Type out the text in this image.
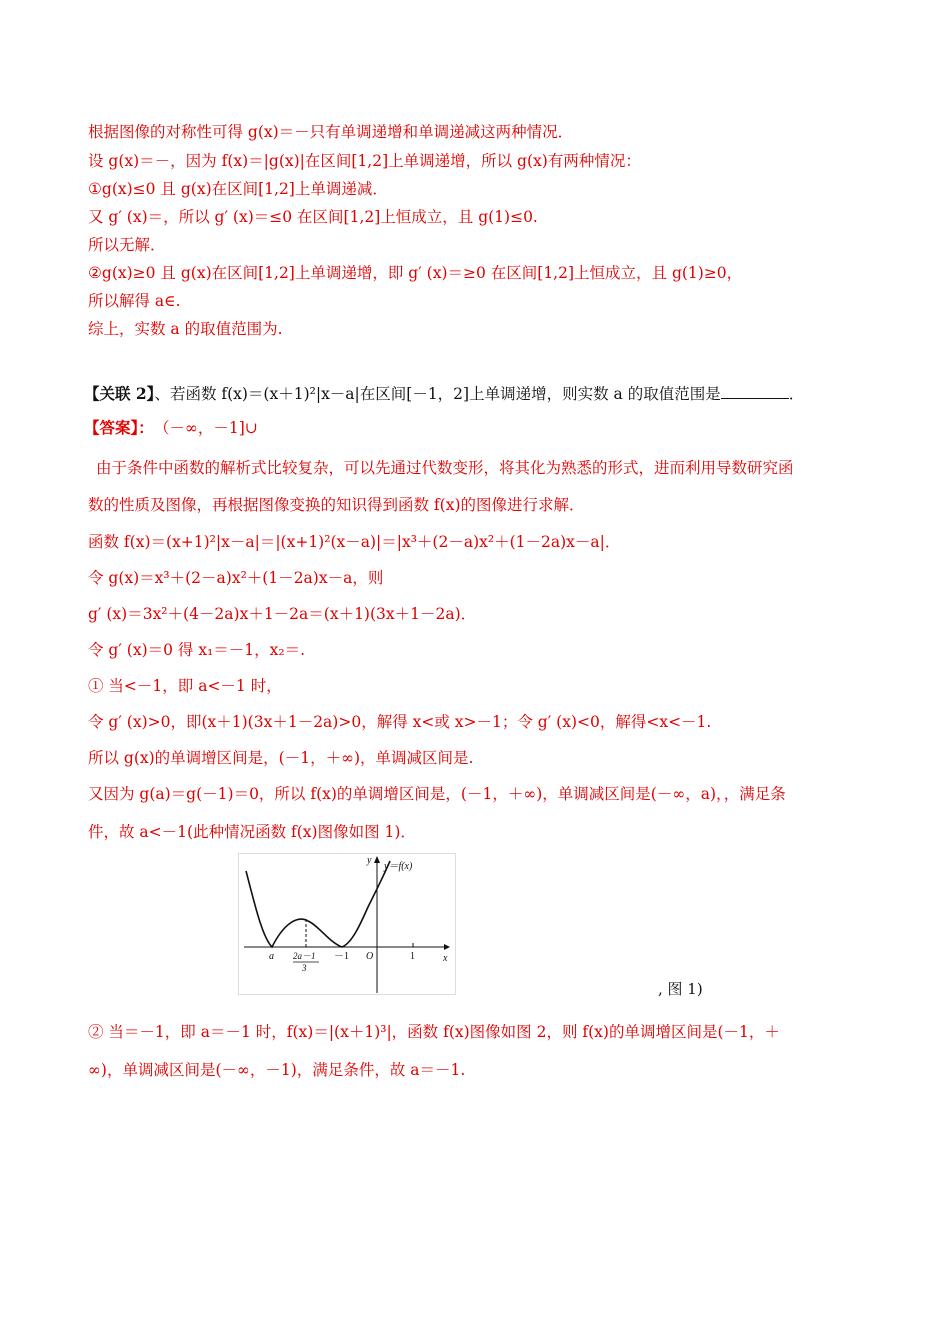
根据图像的对称性可得 g(x)＝－只有单调递增和单调递减这两种情况．
设 g(x)＝－，因为 f(x)＝|g(x)|在区间[1,2]上单调递增，所以 g(x)有两种情况：
①g(x)≤0 且 g(x)在区间[1,2]上单调递减．
又 g′ (x)＝，所以 g′ (x)＝≤0 在区间[1,2]上恒成立，且 g(1)≤0.
所以无解．
②g(x)≥0 且 g(x)在区间[1,2]上单调递增，即 g′ (x)＝≥0 在区间[1,2]上恒成立，且 g(1)≥0，
所以解得 a∈.
综上，实数 a 的取值范围为.
【关联 2】、若函数 f(x)＝(x＋1)²|x－a|在区间[－1，2]上单调递增，则实数 a 的取值范围是	．
【答案】： （－∞，－1]∪
由于条件中函数的解析式比较复杂，可以先通过代数变形，将其化为熟悉的形式，进而利用导数研究函
数的性质及图像，再根据图像变换的知识得到函数 f(x)的图像进行求解．
函数 f(x)＝(x+1)²|x－a|＝|(x+1)²(x－a)|＝|x³＋(2－a)x²＋(1－2a)x－a|．
令 g(x)＝x³＋(2－a)x²＋(1－2a)x－a，则
g′ (x)＝3x²＋(4－2a)x＋1－2a＝(x＋1)(3x＋1－2a)．
令 g′ (x)＝0 得 x₁＝－1，x₂＝.
① 当<－1，即 a<－1 时，
令 g′ (x)>0，即(x＋1)(3x＋1－2a)>0，解得 x<或 x>－1；令 g′ (x)<0，解得<x<－1.
所以 g(x)的单调增区间是，(－1，＋∞)，单调减区间是.
又因为 g(a)＝g(－1)＝0，所以 f(x)的单调增区间是，(－1，＋∞)，单调减区间是(－∞，a)，，满足条
件，故 a<－1(此种情况函数 f(x)图像如图 1)．
y＝f(x)
y
x
O
a 2a－1
3
－1	1
, 图 1)
② 当＝－1，即 a＝－1 时，f(x)＝|(x＋1)³|，函数 f(x)图像如图 2，则 f(x)的单调增区间是(－1，＋
∞)，单调减区间是(－∞，－1)，满足条件，故 a＝－1.
